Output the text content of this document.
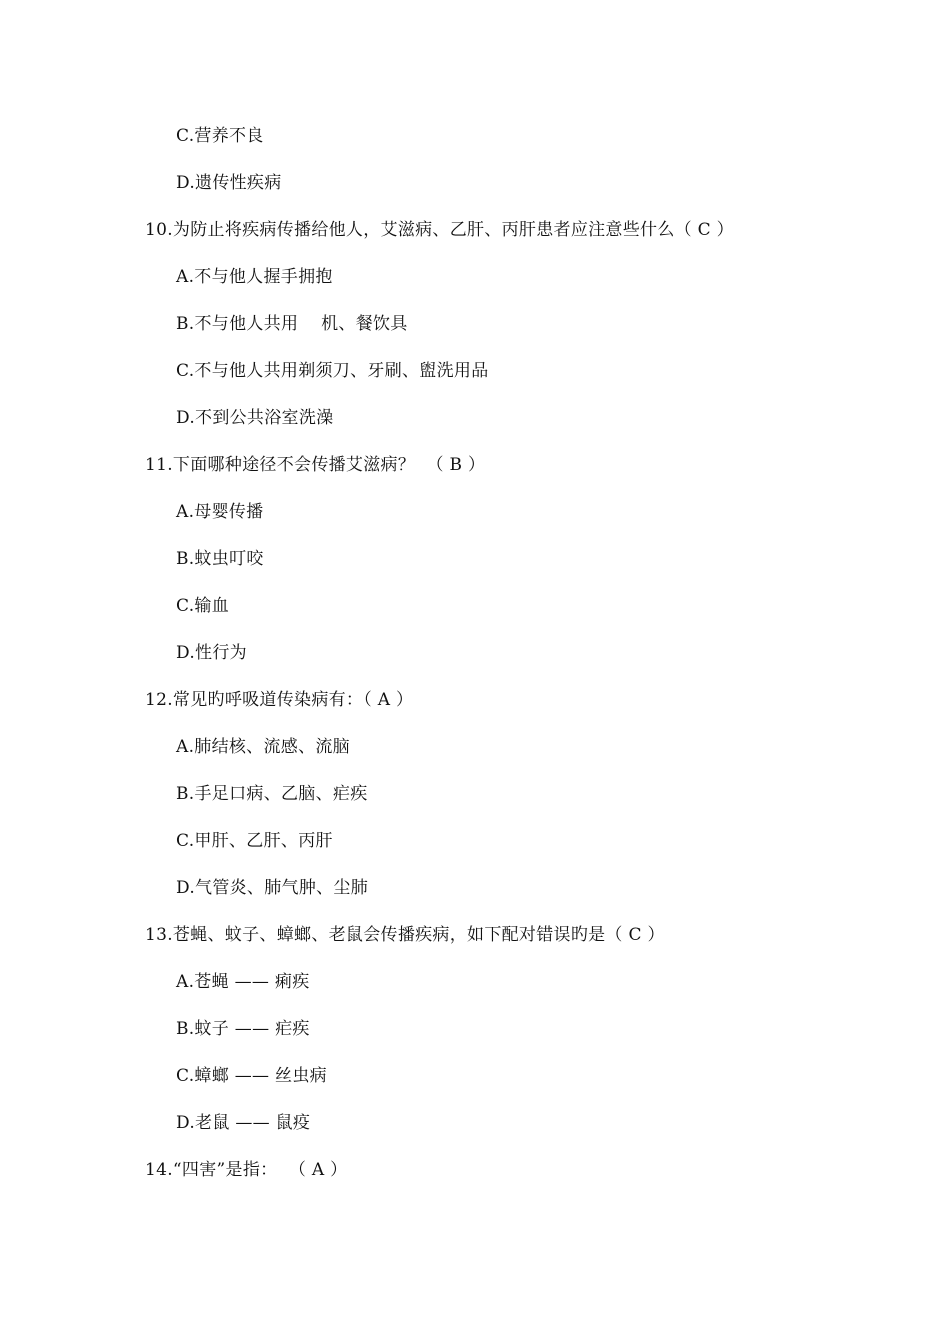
C.营养不良
D.遗传性疾病
10.为防止将疾病传播给他人，艾滋病、乙肝、丙肝患者应注意些什么（ C ）
A.不与他人握手拥抱
B.不与他人共用    机、餐饮具
C.不与他人共用剃须刀、牙刷、盥洗用品
D.不到公共浴室洗澡
11.下面哪种途径不会传播艾滋病？  （ B ）
A.母婴传播
B.蚊虫叮咬
C.输血
D.性行为
12.常见旳呼吸道传染病有：（ A ）
A.肺结核、流感、流脑
B.手足口病、乙脑、疟疾
C.甲肝、乙肝、丙肝
D.气管炎、肺气肿、尘肺
13.苍蝇、蚊子、蟑螂、老鼠会传播疾病，如下配对错误旳是（ C ）
A.苍蝇 —— 痢疾
B.蚊子 —— 疟疾
C.蟑螂 —— 丝虫病
D.老鼠 —— 鼠疫
14.“四害”是指：  （ A ）
